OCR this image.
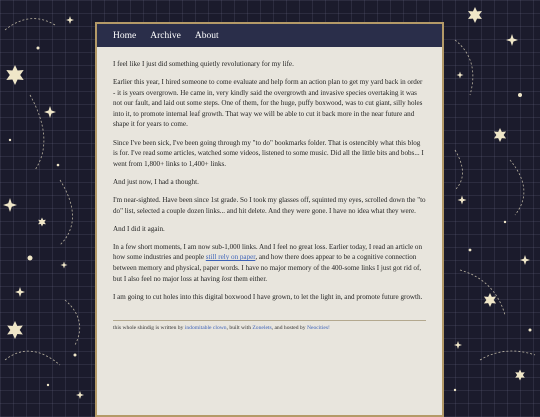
Home Archive About

I feel like I just did something quietly revolutionary for my life.

Earlier this year, I hired someone to come evaluate and help form an action plan to get my yard back in order - it is years overgrown. He came in, very kindly said the overgrowth and invasive species overtaking it was not our fault, and laid out some steps. One of them, for the huge, puffy boxwood, was to cut giant, silly holes into it, to promote internal leaf growth. That way we will be able to cut it back more in the near future and shape it for years to come.

Since I've been sick, I've been going through my "to do" bookmarks folder. That is ostencibly what this blog is for. I've read some articles, watched some videos, listened to some music. Did all the little bits and bobs... I went from 1,800+ links to 1,400+ links.

And just now, I had a thought.

I'm near-sighted. Have been since 1st grade. So I took my glasses off, squinted my eyes, scrolled down the "to do" list, selected a couple dozen links... and hit delete. And they were gone. I have no idea what they were.

And I did it again.

In a few short moments, I am now sub-1,000 links. And I feel no great loss. Earlier today, I read an article on how some industries and people still rely on paper, and how there does appear to be a cognitive connection between memory and physical, paper words. I have no major memory of the 400-some links I just got rid of, but I also feel no major loss at having lost them either.

I am going to cut holes into this digital boxwood I have grown, to let the light in, and promote future growth.

this whole shindig is written by indomitable clown, built with Zonelets, and hosted by Neocities!
